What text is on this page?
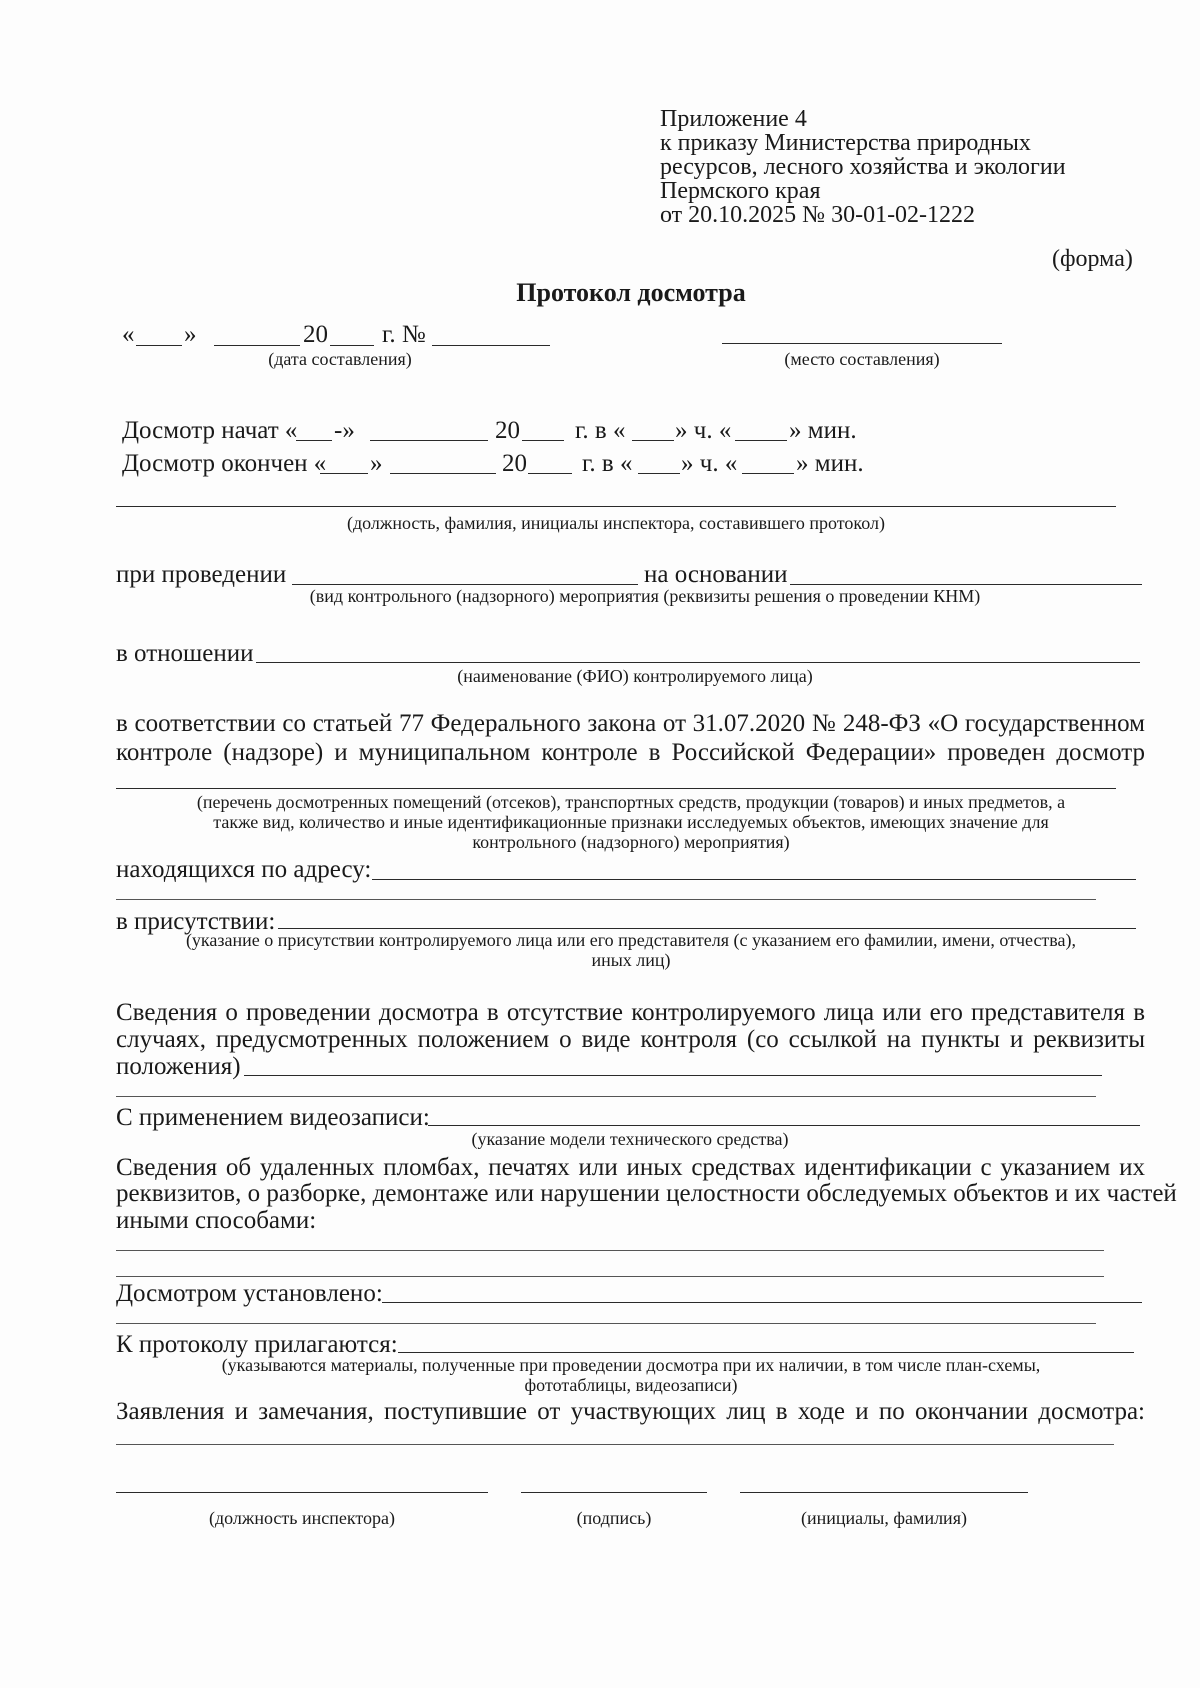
Приложение 4
к приказу Министерства природных
ресурсов, лесного хозяйства и экологии
Пермского края
от 20.10.2025 № 30-01-02-1222
(форма)
Протокол досмотра
« »	20 г. №
(дата составления)	(место составления)
Досмотр начат « -»	20 г. в « » ч. « » мин.
Досмотр окончен « »	20 г. в « » ч. « » мин.
(должность, фамилия, инициалы инспектора, составившего протокол)
при проведении	на основании
(вид контрольного (надзорного) мероприятия (реквизиты решения о проведении КНМ)
в отношении
(наименование (ФИО) контролируемого лица)
в соответствии со статьей 77 Федерального закона от 31.07.2020 № 248-ФЗ «О государственном
контроле (надзоре) и муниципальном контроле в Российской Федерации» проведен досмотр
(перечень досмотренных помещений (отсеков), транспортных средств, продукции (товаров) и иных предметов, а
также вид, количество и иные идентификационные признаки исследуемых объектов, имеющих значение для
контрольного (надзорного) мероприятия)
находящихся по адресу:
в присутствии:
(указание о присутствии контролируемого лица или его представителя (с указанием его фамилии, имени, отчества),
иных лиц)
Сведения о проведении досмотра в отсутствие контролируемого лица или его представителя в
случаях, предусмотренных положением о виде контроля (со ссылкой на пункты и реквизиты
положения)
С применением видеозаписи:
(указание модели технического средства)
Сведения об удаленных пломбах, печатях или иных средствах идентификации с указанием их
реквизитов, о разборке, демонтаже или нарушении целостности обследуемых объектов и их частей
иными способами:
Досмотром установлено:
К протоколу прилагаются:
(указываются материалы, полученные при проведении досмотра при их наличии, в том числе план-схемы,
фототаблицы, видеозаписи)
Заявления и замечания, поступившие от участвующих лиц в ходе и по окончании досмотра:
(должность инспектора)	(подпись)	(инициалы, фамилия)
